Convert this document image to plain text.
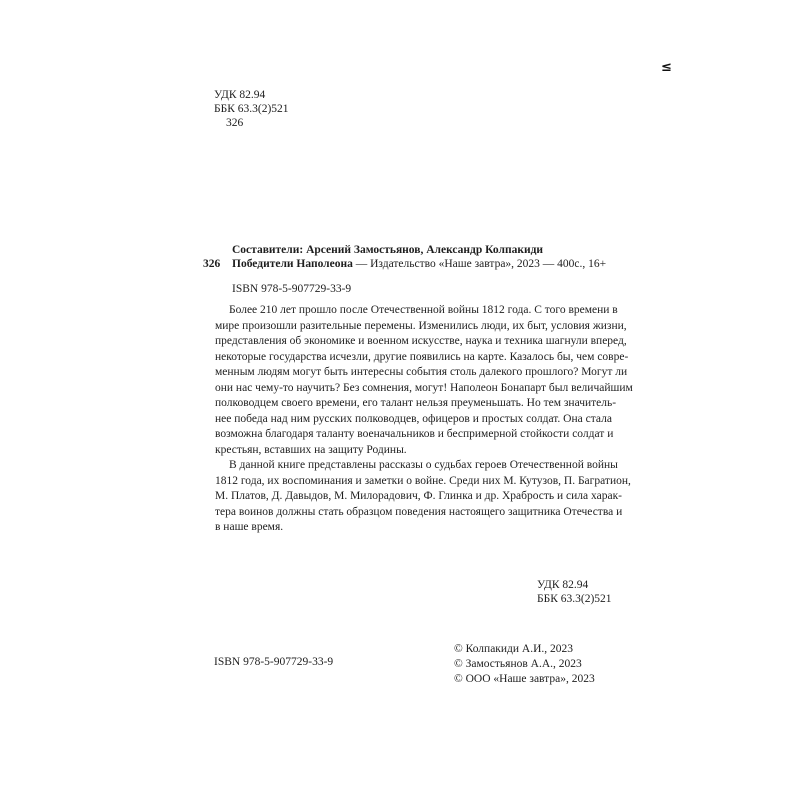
≤
УДК 82.94
ББК 63.3(2)521
326
Составители: Арсений Замостьянов, Александр Колпакиди
326 Победители Наполеона — Издательство «Наше завтра», 2023 — 400с., 16+
ISBN 978-5-907729-33-9
Более 210 лет прошло после Отечественной войны 1812 года. С того времени в
мире произошли разительные перемены. Изменились люди, их быт, условия жизни,
представления об экономике и военном искусстве, наука и техника шагнули вперед,
некоторые государства исчезли, другие появились на карте. Казалось бы, чем совре-
менным людям могут быть интересны события столь далекого прошлого? Могут ли
они нас чему-то научить? Без сомнения, могут! Наполеон Бонапарт был величайшим
полководцем своего времени, его талант нельзя преуменьшать. Но тем значитель-
нее победа над ним русских полководцев, офицеров и простых солдат. Она стала
возможна благодаря таланту военачальников и беспримерной стойкости солдат и
крестьян, вставших на защиту Родины.
В данной книге представлены рассказы о судьбах героев Отечественной войны
1812 года, их воспоминания и заметки о войне. Среди них М. Кутузов, П. Багратион,
М. Платов, Д. Давыдов, М. Милорадович, Ф. Глинка и др. Храбрость и сила харак-
тера воинов должны стать образцом поведения настоящего защитника Отечества и
в наше время.
УДК 82.94
ББК 63.3(2)521
ISBN 978-5-907729-33-9
© Колпакиди А.И., 2023
© Замостьянов А.А., 2023
© ООО «Наше завтра», 2023
